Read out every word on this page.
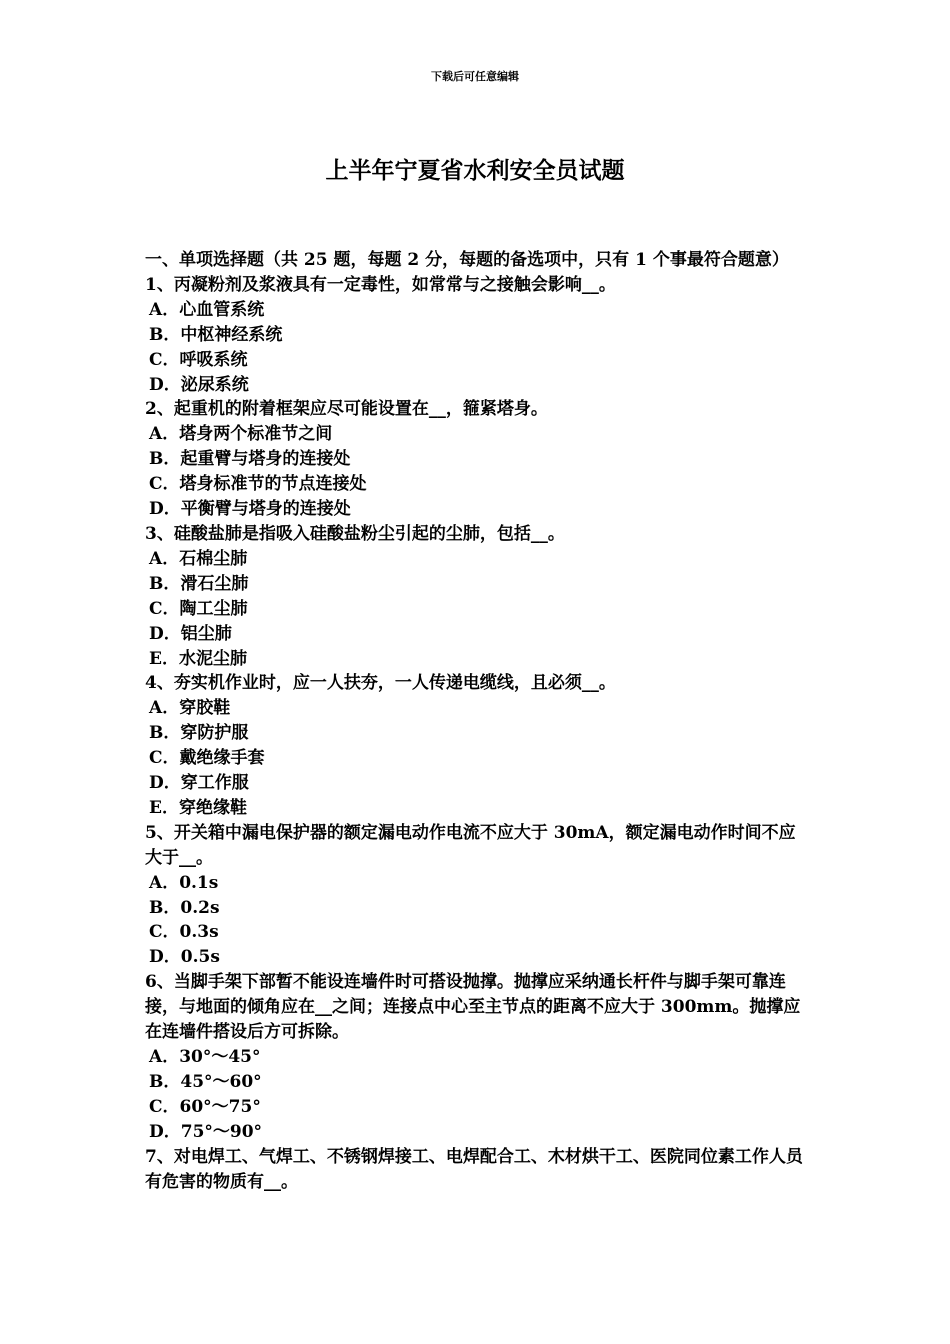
下载后可任意编辑
上半年宁夏省水利安全员试题

一、单项选择题（共 25 题，每题 2 分，每题的备选项中，只有 1 个事最符合题意）

1、丙凝粉剂及浆液具有一定毒性，如常常与之接触会影响__。

A．心血管系统

B．中枢神经系统

C．呼吸系统

D．泌尿系统

2、起重机的附着框架应尽可能设置在__，箍紧塔身。

A．塔身两个标准节之间

B．起重臂与塔身的连接处

C．塔身标准节的节点连接处

D．平衡臂与塔身的连接处

3、硅酸盐肺是指吸入硅酸盐粉尘引起的尘肺，包括__。

A．石棉尘肺

B．滑石尘肺

C．陶工尘肺

D．铝尘肺

E．水泥尘肺

4、夯实机作业时，应一人扶夯，一人传递电缆线，且必须__。

A．穿胶鞋

B．穿防护服

C．戴绝缘手套

D．穿工作服

E．穿绝缘鞋

5、开关箱中漏电保护器的额定漏电动作电流不应大于 30mA，额定漏电动作时间不应大于__。

A．0.1s

B．0.2s

C．0.3s

D．0.5s

6、当脚手架下部暂不能设连墙件时可搭设抛撑。抛撑应采纳通长杆件与脚手架可靠连接，与地面的倾角应在__之间；连接点中心至主节点的距离不应大于 300mm。抛撑应在连墙件搭设后方可拆除。

A．30°～45°

B．45°～60°

C．60°～75°

D．75°～90°

7、对电焊工、气焊工、不锈钢焊接工、电焊配合工、木材烘干工、医院同位素工作人员有危害的物质有__。
